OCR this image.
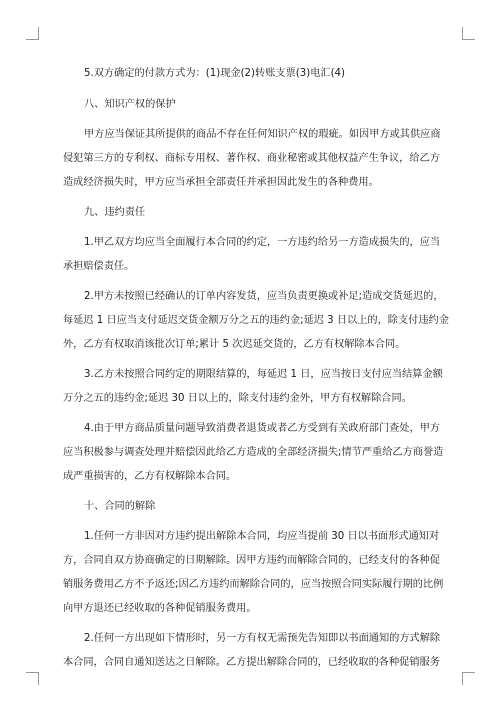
5.双方确定的付款方式为：(1)现金(2)转账支票(3)电汇(4)
八、知识产权的保护
甲方应当保证其所提供的商品不存在任何知识产权的瑕疵。如因甲方或其供应商
侵犯第三方的专利权、商标专用权、著作权、商业秘密或其他权益产生争议，给乙方
造成经济损失时，甲方应当承担全部责任并承担因此发生的各种费用。
九、违约责任
1.甲乙双方均应当全面履行本合同的约定，一方违约给另一方造成损失的，应当
承担赔偿责任。
2.甲方未按照已经确认的订单内容发货，应当负责更换或补足;造成交货延迟的，
每延迟 1 日应当支付延迟交货金额万分之五的违约金;延迟 3 日以上的，除支付违约金
外，乙方有权取消该批次订单;累计 5 次迟延交货的，乙方有权解除本合同。
3.乙方未按照合同约定的期限结算的，每延迟 1 日，应当按日支付应当结算金额
万分之五的违约金;延迟 30 日以上的，除支付违约金外，甲方有权解除合同。
4.由于甲方商品质量问题导致消费者退货或者乙方受到有关政府部门查处，甲方
应当积极参与调查处理并赔偿因此给乙方造成的全部经济损失;情节严重给乙方商誉造
成严重损害的，乙方有权解除本合同。
十、合同的解除
1.任何一方非因对方违约提出解除本合同，均应当提前 30 日以书面形式通知对
方，合同自双方协商确定的日期解除。因甲方违约而解除合同的，已经支付的各种促
销服务费用乙方不予返还;因乙方违约而解除合同的，应当按照合同实际履行期的比例
向甲方退还已经收取的各种促销服务费用。
2.任何一方出现如下情形时，另一方有权无需预先告知即以书面通知的方式解除
本合同，合同自通知送达之日解除。乙方提出解除合同的，已经收取的各种促销服务
